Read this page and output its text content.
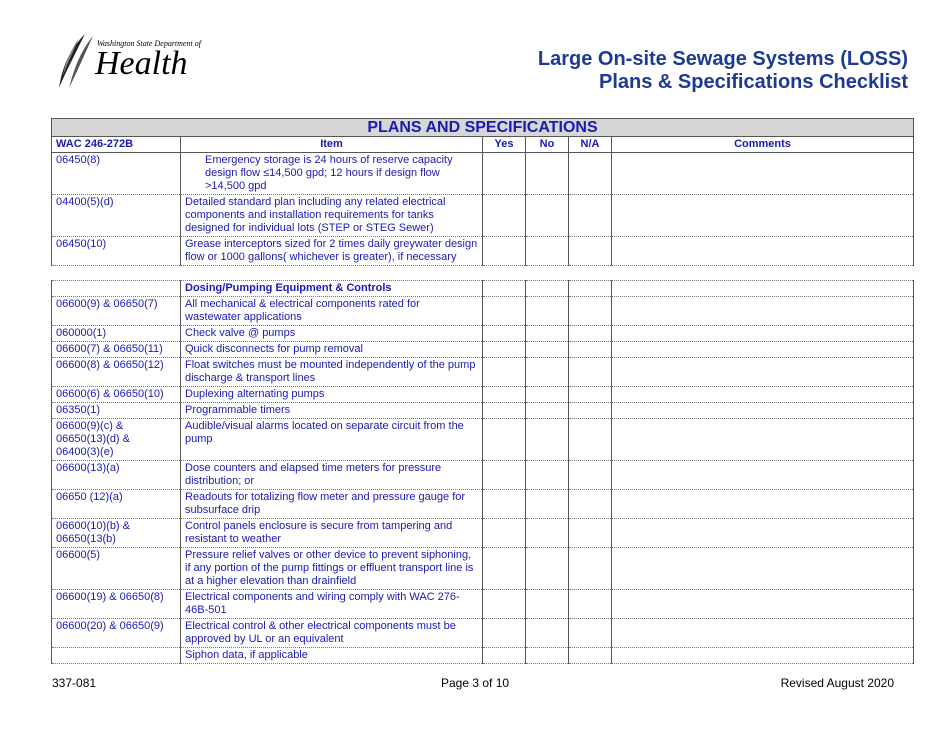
Washington State Department of
Health	Large On-site Sewage Systems (LOSS)
Plans & Specifications Checklist
PLANS AND SPECIFICATIONS					
WAC 246-272B	Item	Yes	No	N/A	Comments
06450(8)	Emergency storage is 24 hours of reserve capacity design flow ≤14,500 gpd; 12 hours if design flow >14,500 gpd				
04400(5)(d)	Detailed standard plan including any related electrical components and installation requirements for tanks designed for individual lots (STEP or STEG Sewer)				
06450(10)	Grease interceptors sized for 2 times daily greywater design flow or 1000 gallons( whichever is greater), if necessary				
	Dosing/Pumping Equipment & Controls				
06600(9) & 06650(7)	All mechanical & electrical components rated for wastewater applications				
060000(1)	Check valve @ pumps				
06600(7) & 06650(11)	Quick disconnects for pump removal				
06600(8) & 06650(12)	Float switches must be mounted independently of the pump discharge & transport lines				
06600(6) & 06650(10)	Duplexing alternating pumps				
06350(1)	Programmable timers				
06600(9)(c) & 06650(13)(d) & 06400(3)(e)	Audible/visual alarms located on separate circuit from the pump				
06600(13)(a)	Dose counters and elapsed time meters for pressure distribution; or				
06650 (12)(a)	Readouts for totalizing flow meter and pressure gauge for subsurface drip				
06600(10)(b) & 06650(13(b)	Control panels enclosure is secure from tampering and resistant to weather				
06600(5)	Pressure relief valves or other device to prevent siphoning, if any portion of the pump fittings or effluent transport line is at a higher elevation than drainfield				
06600(19) & 06650(8)	Electrical components and wiring comply with WAC 276-46B-501				
06600(20) & 06650(9)	Electrical control & other electrical components must be approved by UL or an equivalent				
	Siphon data, if applicable				
337-081	Page 3 of 10	Revised August 2020
